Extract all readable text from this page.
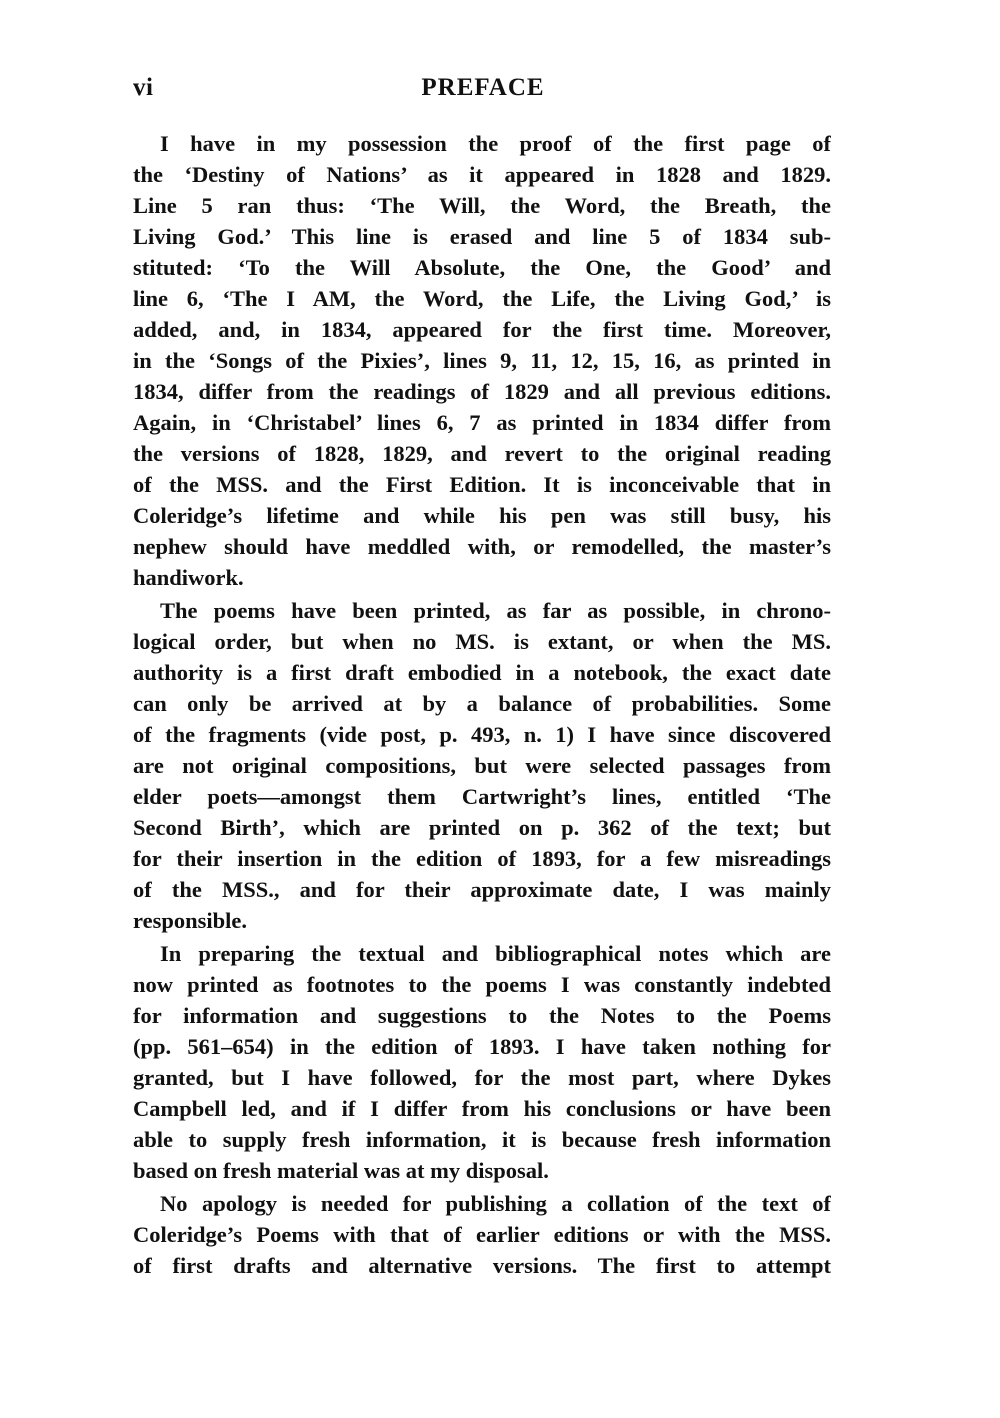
vi	PREFACE
I have in my possession the proof of the first page of
the ‘Destiny of Nations’ as it appeared in 1828 and 1829.
Line 5 ran thus: ‘The Will, the Word, the Breath, the
Living God.’ This line is erased and line 5 of 1834 sub-
stituted: ‘To the Will Absolute, the One, the Good’ and
line 6, ‘The I AM, the Word, the Life, the Living God,’ is
added, and, in 1834, appeared for the first time. Moreover,
in the ‘Songs of the Pixies’, lines 9, 11, 12, 15, 16, as printed in
1834, differ from the readings of 1829 and all previous editions.
Again, in ‘Christabel’ lines 6, 7 as printed in 1834 differ from
the versions of 1828, 1829, and revert to the original reading
of the MSS. and the First Edition. It is inconceivable that in
Coleridge’s lifetime and while his pen was still busy, his
nephew should have meddled with, or remodelled, the master’s
handiwork.
The poems have been printed, as far as possible, in chrono-
logical order, but when no MS. is extant, or when the MS.
authority is a first draft embodied in a notebook, the exact date
can only be arrived at by a balance of probabilities. Some
of the fragments (vide post, p. 493, n. 1) I have since discovered
are not original compositions, but were selected passages from
elder poets—amongst them Cartwright’s lines, entitled ‘The
Second Birth’, which are printed on p. 362 of the text; but
for their insertion in the edition of 1893, for a few misreadings
of the MSS., and for their approximate date, I was mainly
responsible.
In preparing the textual and bibliographical notes which are
now printed as footnotes to the poems I was constantly indebted
for information and suggestions to the Notes to the Poems
(pp. 561–654) in the edition of 1893. I have taken nothing for
granted, but I have followed, for the most part, where Dykes
Campbell led, and if I differ from his conclusions or have been
able to supply fresh information, it is because fresh information
based on fresh material was at my disposal.
No apology is needed for publishing a collation of the text of
Coleridge’s Poems with that of earlier editions or with the MSS.
of first drafts and alternative versions. The first to attempt
